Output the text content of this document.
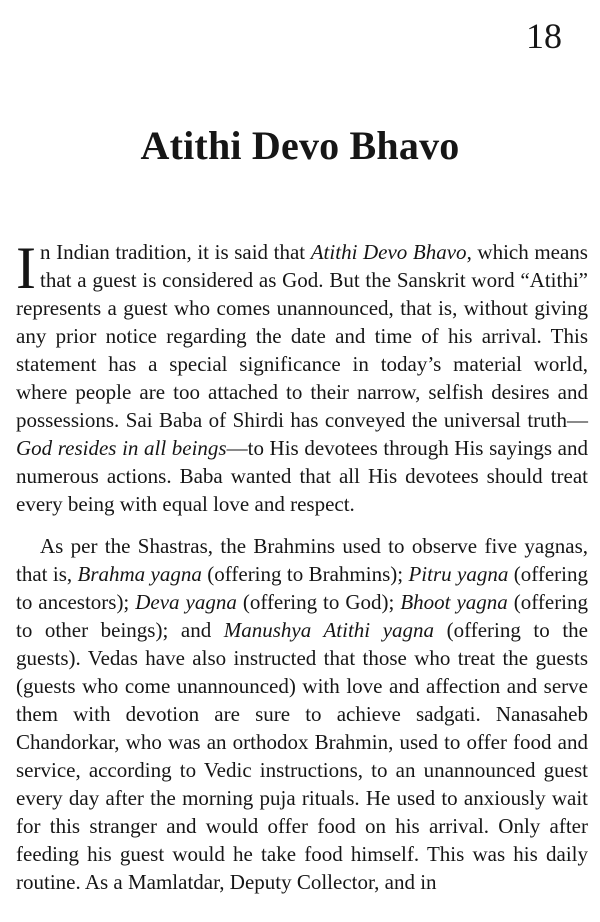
18
Atithi Devo Bhavo

In Indian tradition, it is said that Atithi Devo Bhavo, which means that a guest is considered as God. But the Sanskrit word “Atithi” represents a guest who comes unannounced, that is, without giving any prior notice regarding the date and time of his arrival. This statement has a special significance in today’s material world, where people are too attached to their narrow, selfish desires and possessions. Sai Baba of Shirdi has conveyed the universal truth—God resides in all beings—to His devotees through His sayings and numerous actions. Baba wanted that all His devotees should treat every being with equal love and respect.

As per the Shastras, the Brahmins used to observe five yagnas, that is, Brahma yagna (offering to Brahmins); Pitru yagna (offering to ancestors); Deva yagna (offering to God); Bhoot yagna (offering to other beings); and Manushya Atithi yagna (offering to the guests). Vedas have also instructed that those who treat the guests (guests who come unannounced) with love and affection and serve them with devotion are sure to achieve sadgati. Nanasaheb Chandorkar, who was an orthodox Brahmin, used to offer food and service, according to Vedic instructions, to an unannounced guest every day after the morning puja rituals. He used to anxiously wait for this stranger and would offer food on his arrival. Only after feeding his guest would he take food himself. This was his daily routine. As a Mamlatdar, Deputy Collector, and in
